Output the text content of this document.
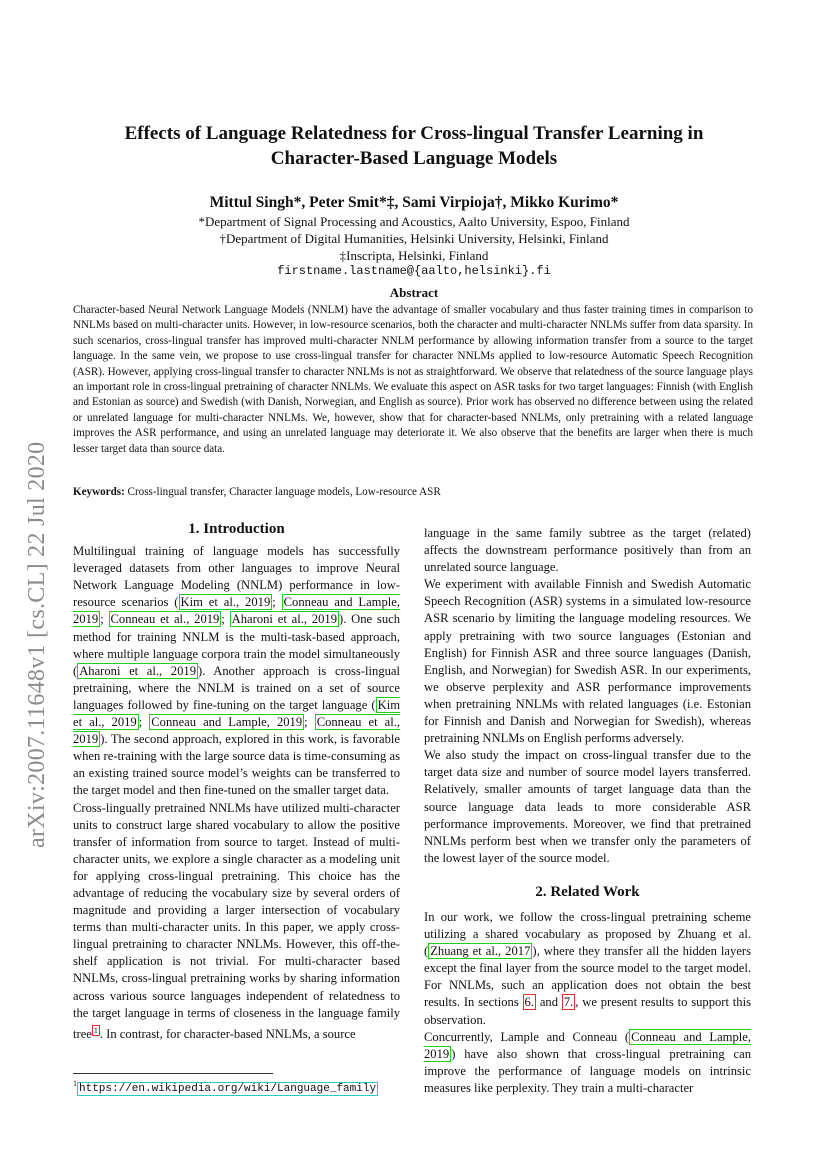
arXiv:2007.11648v1 [cs.CL] 22 Jul 2020
Effects of Language Relatedness for Cross-lingual Transfer Learning in Character-Based Language Models
Mittul Singh*, Peter Smit*‡, Sami Virpioja†, Mikko Kurimo*
*Department of Signal Processing and Acoustics, Aalto University, Espoo, Finland
†Department of Digital Humanities, Helsinki University, Helsinki, Finland
‡Inscripta, Helsinki, Finland
firstname.lastname@{aalto,helsinki}.fi
Abstract
Character-based Neural Network Language Models (NNLM) have the advantage of smaller vocabulary and thus faster training times in comparison to NNLMs based on multi-character units. However, in low-resource scenarios, both the character and multi-character NNLMs suffer from data sparsity. In such scenarios, cross-lingual transfer has improved multi-character NNLM performance by allowing information transfer from a source to the target language. In the same vein, we propose to use cross-lingual transfer for character NNLMs applied to low-resource Automatic Speech Recognition (ASR). However, applying cross-lingual transfer to character NNLMs is not as straightforward. We observe that relatedness of the source language plays an important role in cross-lingual pretraining of character NNLMs. We evaluate this aspect on ASR tasks for two target languages: Finnish (with English and Estonian as source) and Swedish (with Danish, Norwegian, and English as source). Prior work has observed no difference between using the related or unrelated language for multi-character NNLMs. We, however, show that for character-based NNLMs, only pretraining with a related language improves the ASR performance, and using an unrelated language may deteriorate it. We also observe that the benefits are larger when there is much lesser target data than source data.
Keywords: Cross-lingual transfer, Character language models, Low-resource ASR
1. Introduction

Multilingual training of language models has successfully leveraged datasets from other languages to improve Neural Network Language Modeling (NNLM) performance in low-resource scenarios ( Kim et al., 2019 ; Conneau and Lample, 2019 ; Conneau et al., 2019 ; Aharoni et al., 2019 ). One such method for training NNLM is the multi-task-based approach, where multiple language corpora train the model simultaneously ( Aharoni et al., 2019 ). Another approach is cross-lingual pretraining, where the NNLM is trained on a set of source languages followed by fine-tuning on the target language ( Kim et al., 2019 ; Conneau and Lample, 2019 ; Conneau et al., 2019 ). The second approach, explored in this work, is favorable when re-training with the large source data is time-consuming as an existing trained source model’s weights can be transferred to the target model and then fine-tuned on the smaller target data.

Cross-lingually pretrained NNLMs have utilized multi-character units to construct large shared vocabulary to allow the positive transfer of information from source to target. Instead of multi-character units, we explore a single character as a modeling unit for applying cross-lingual pretraining. This choice has the advantage of reducing the vocabulary size by several orders of magnitude and providing a larger intersection of vocabulary terms than multi-character units. In this paper, we apply cross-lingual pretraining to character NNLMs. However, this off-the-shelf application is not trivial. For multi-character based NNLMs, cross-lingual pretraining works by sharing information across various source languages independent of relatedness to the target language in terms of closeness in the language family tree $^1$ . In contrast, for character-based NNLMs, a source

$^1$ https://en.wikipedia.org/wiki/Language_family

language in the same family subtree as the target (related) affects the downstream performance positively than from an unrelated source language.

We experiment with available Finnish and Swedish Automatic Speech Recognition (ASR) systems in a simulated low-resource ASR scenario by limiting the language modeling resources. We apply pretraining with two source languages (Estonian and English) for Finnish ASR and three source languages (Danish, English, and Norwegian) for Swedish ASR. In our experiments, we observe perplexity and ASR performance improvements when pretraining NNLMs with related languages (i.e. Estonian for Finnish and Danish and Norwegian for Swedish), whereas pretraining NNLMs on English performs adversely.

We also study the impact on cross-lingual transfer due to the target data size and number of source model layers transferred. Relatively, smaller amounts of target language data than the source language data leads to more considerable ASR performance improvements. Moreover, we find that pretrained NNLMs perform best when we transfer only the parameters of the lowest layer of the source model.

2. Related Work

In our work, we follow the cross-lingual pretraining scheme utilizing a shared vocabulary as proposed by Zhuang et al. ( Zhuang et al., 2017 ), where they transfer all the hidden layers except the final layer from the source model to the target model. For NNLMs, such an application does not obtain the best results. In sections 6. and 7. , we present results to support this observation.

Concurrently, Lample and Conneau ( Conneau and Lample, 2019 ) have also shown that cross-lingual pretraining can improve the performance of language models on intrinsic measures like perplexity. They train a multi-character
